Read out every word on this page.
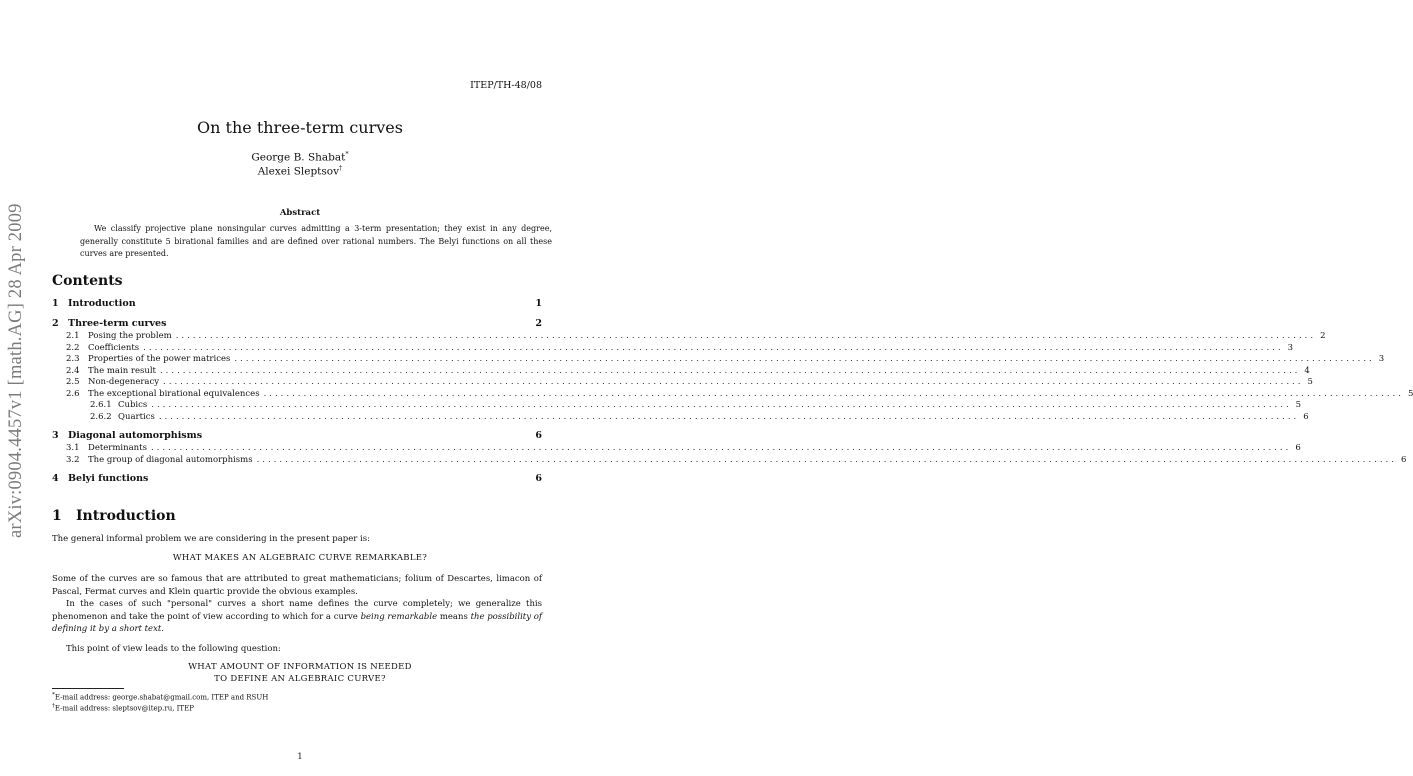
arXiv:0904.4457v1 [math.AG] 28 Apr 2009
ITEP/TH-48/08
On the three-term curves
George B. Shabat*
Alexei Sleptsov†
Abstract
We classify projective plane nonsingular curves admitting a 3-term presentation; they exist in any degree, generally constitute 5 birational families and are defined over rational numbers. The Belyi functions on all these curves are presented.
Contents
1 Introduction	1
2 Three-term curves	2
2.1 Posing the problem ........................................................................................................................................................................................................ 2
2.2 Coefficients ........................................................................................................................................................................................................ 3
2.3 Properties of the power matrices ........................................................................................................................................................................................................ 3
2.4 The main result ........................................................................................................................................................................................................ 4
2.5 Non-degeneracy ........................................................................................................................................................................................................ 5
2.6 The exceptional birational equivalences ........................................................................................................................................................................................................ 5
2.6.1 Cubics ........................................................................................................................................................................................................ 5
2.6.2 Quartics ........................................................................................................................................................................................................ 6
3 Diagonal automorphisms	6
3.1 Determinants ........................................................................................................................................................................................................ 6
3.2 The group of diagonal automorphisms ........................................................................................................................................................................................................ 6
4 Belyi functions	6
1 Introduction
The general informal problem we are considering in the present paper is:
WHAT MAKES AN ALGEBRAIC CURVE REMARKABLE?
Some of the curves are so famous that are attributed to great mathematicians; folium of Descartes, limacon of Pascal, Fermat curves and Klein quartic provide the obvious examples.
In the cases of such "personal" curves a short name defines the curve completely; we generalize this phenomenon and take the point of view according to which for a curve being remarkable means the possibility of defining it by a short text.
This point of view leads to the following question:
WHAT AMOUNT OF INFORMATION IS NEEDED
TO DEFINE AN ALGEBRAIC CURVE?
*E-mail address: george.shabat@gmail.com, ITEP and RSUH
†E-mail address: sleptsov@itep.ru, ITEP
1
